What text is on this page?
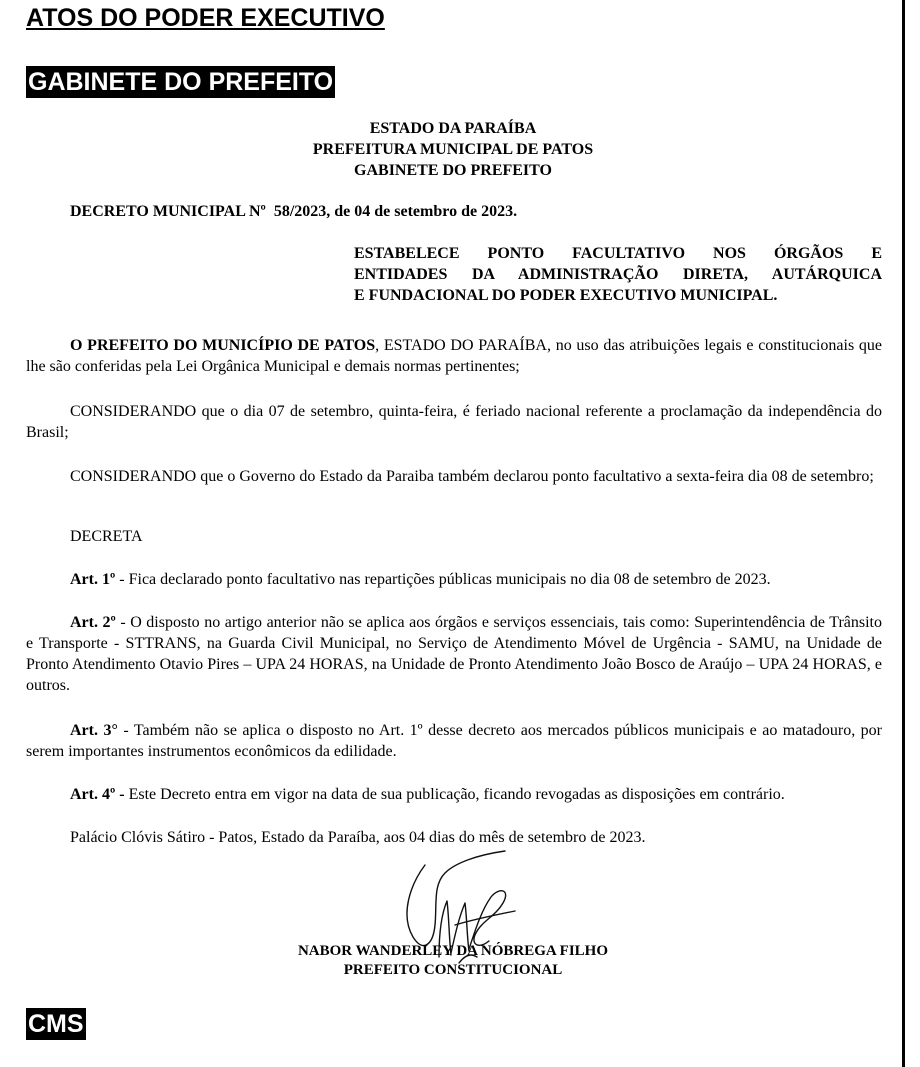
ATOS DO PODER EXECUTIVO
GABINETE DO PREFEITO
ESTADO DA PARAÍBA
PREFEITURA MUNICIPAL DE PATOS
GABINETE DO PREFEITO
DECRETO MUNICIPAL Nº  58/2023, de 04 de setembro de 2023.
ESTABELECE PONTO FACULTATIVO NOS ÓRGÃOS E
ENTIDADES DA ADMINISTRAÇÃO DIRETA, AUTÁRQUICA
E FUNDACIONAL DO PODER EXECUTIVO MUNICIPAL.

O PREFEITO DO MUNICÍPIO DE PATOS, ESTADO DO PARAÍBA, no uso das atribuições legais e constitucionais que lhe são conferidas pela Lei Orgânica Municipal e demais normas pertinentes;

CONSIDERANDO que o dia 07 de setembro, quinta-feira, é feriado nacional referente a proclamação da independência do Brasil;

CONSIDERANDO que o Governo do Estado da Paraiba também declarou ponto facultativo a sexta-feira dia 08 de setembro;

DECRETA

Art. 1º - Fica declarado ponto facultativo nas repartições públicas municipais no dia 08 de setembro de 2023.

Art. 2º - O disposto no artigo anterior não se aplica aos órgãos e serviços essenciais, tais como: Superintendência de Trânsito e Transporte - STTRANS, na Guarda Civil Municipal, no Serviço de Atendimento Móvel de Urgência - SAMU, na Unidade de Pronto Atendimento Otavio Pires – UPA 24 HORAS, na Unidade de Pronto Atendimento João Bosco de Araújo – UPA 24 HORAS, e outros.

Art. 3° - Também não se aplica o disposto no Art. 1º desse decreto aos mercados públicos municipais e ao matadouro, por serem importantes instrumentos econômicos da edilidade.

Art. 4º - Este Decreto entra em vigor na data de sua publicação, ficando revogadas as disposições em contrário.

Palácio Clóvis Sátiro - Patos, Estado da Paraíba, aos 04 dias do mês de setembro de 2023.

NABOR WANDERLEY DA NÓBREGA FILHO
PREFEITO CONSTITUCIONAL
CMS
